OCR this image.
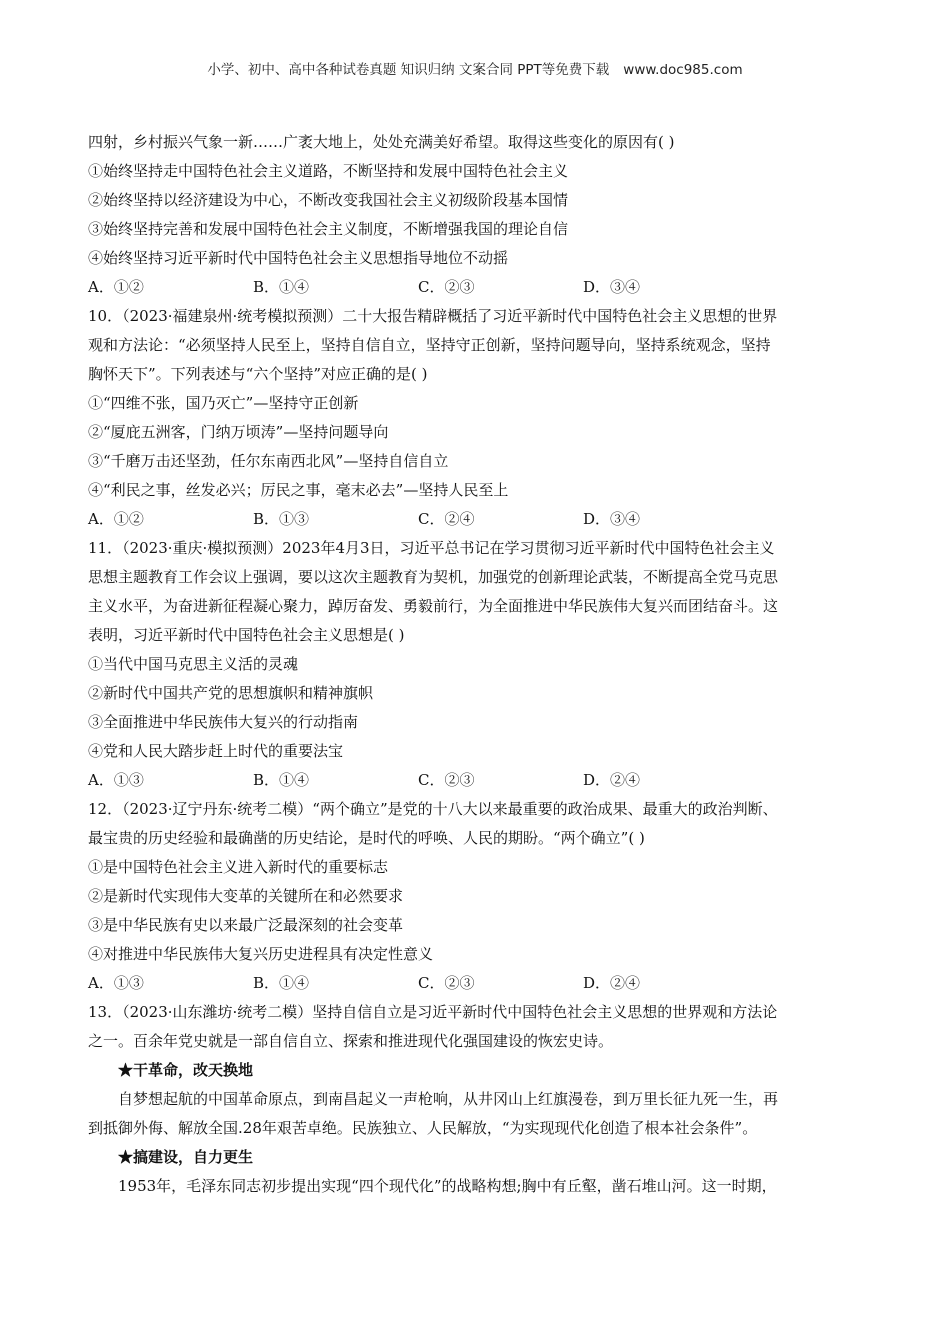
小学、初中、高中各种试卷真题 知识归纳 文案合同 PPT等免费下载 www.doc985.com
四射，乡村振兴气象一新……广袤大地上，处处充满美好希望。取得这些变化的原因有( )
①始终坚持走中国特色社会主义道路，不断坚持和发展中国特色社会主义
②始终坚持以经济建设为中心，不断改变我国社会主义初级阶段基本国情
③始终坚持完善和发展中国特色社会主义制度，不断增强我国的理论自信
④始终坚持习近平新时代中国特色社会主义思想指导地位不动摇
A．①②	B．①④	C．②③	D．③④
10．（2023·福建泉州·统考模拟预测）二十大报告精辟概括了习近平新时代中国特色社会主义思想的世界
观和方法论：“必须坚持人民至上，坚持自信自立，坚持守正创新，坚持问题导向，坚持系统观念，坚持
胸怀天下”。下列表述与“六个坚持”对应正确的是( )
①“四维不张，国乃灭亡”—坚持守正创新
②“厦庇五洲客，门纳万顷涛”—坚持问题导向
③“千磨万击还坚劲，任尔东南西北风”—坚持自信自立
④“利民之事，丝发必兴；厉民之事，毫末必去”—坚持人民至上
A．①②	B．①③	C．②④	D．③④
11．（2023·重庆·模拟预测）2023年4月3日，习近平总书记在学习贯彻习近平新时代中国特色社会主义
思想主题教育工作会议上强调，要以这次主题教育为契机，加强党的创新理论武装，不断提高全党马克思
主义水平，为奋进新征程凝心聚力，踔厉奋发、勇毅前行，为全面推进中华民族伟大复兴而团结奋斗。这
表明，习近平新时代中国特色社会主义思想是( )
①当代中国马克思主义活的灵魂
②新时代中国共产党的思想旗帜和精神旗帜
③全面推进中华民族伟大复兴的行动指南
④党和人民大踏步赶上时代的重要法宝
A．①③	B．①④	C．②③	D．②④
12．（2023·辽宁丹东·统考二模）“两个确立”是党的十八大以来最重要的政治成果、最重大的政治判断、
最宝贵的历史经验和最确凿的历史结论，是时代的呼唤、人民的期盼。“两个确立”( )
①是中国特色社会主义进入新时代的重要标志
②是新时代实现伟大变革的关键所在和必然要求
③是中华民族有史以来最广泛最深刻的社会变革
④对推进中华民族伟大复兴历史进程具有决定性意义
A．①③	B．①④	C．②③	D．②④
13．（2023·山东潍坊·统考二模）坚持自信自立是习近平新时代中国特色社会主义思想的世界观和方法论
之一。百余年党史就是一部自信自立、探索和推进现代化强国建设的恢宏史诗。
★干革命，改天换地
自梦想起航的中国革命原点，到南昌起义一声枪响，从井冈山上红旗漫卷，到万里长征九死一生，再
到抵御外侮、解放全国.28年艰苦卓绝。民族独立、人民解放，“为实现现代化创造了根本社会条件”。
★搞建设，自力更生
1953年，毛泽东同志初步提出实现“四个现代化”的战略构想;胸中有丘壑，凿石堆山河。这一时期，
